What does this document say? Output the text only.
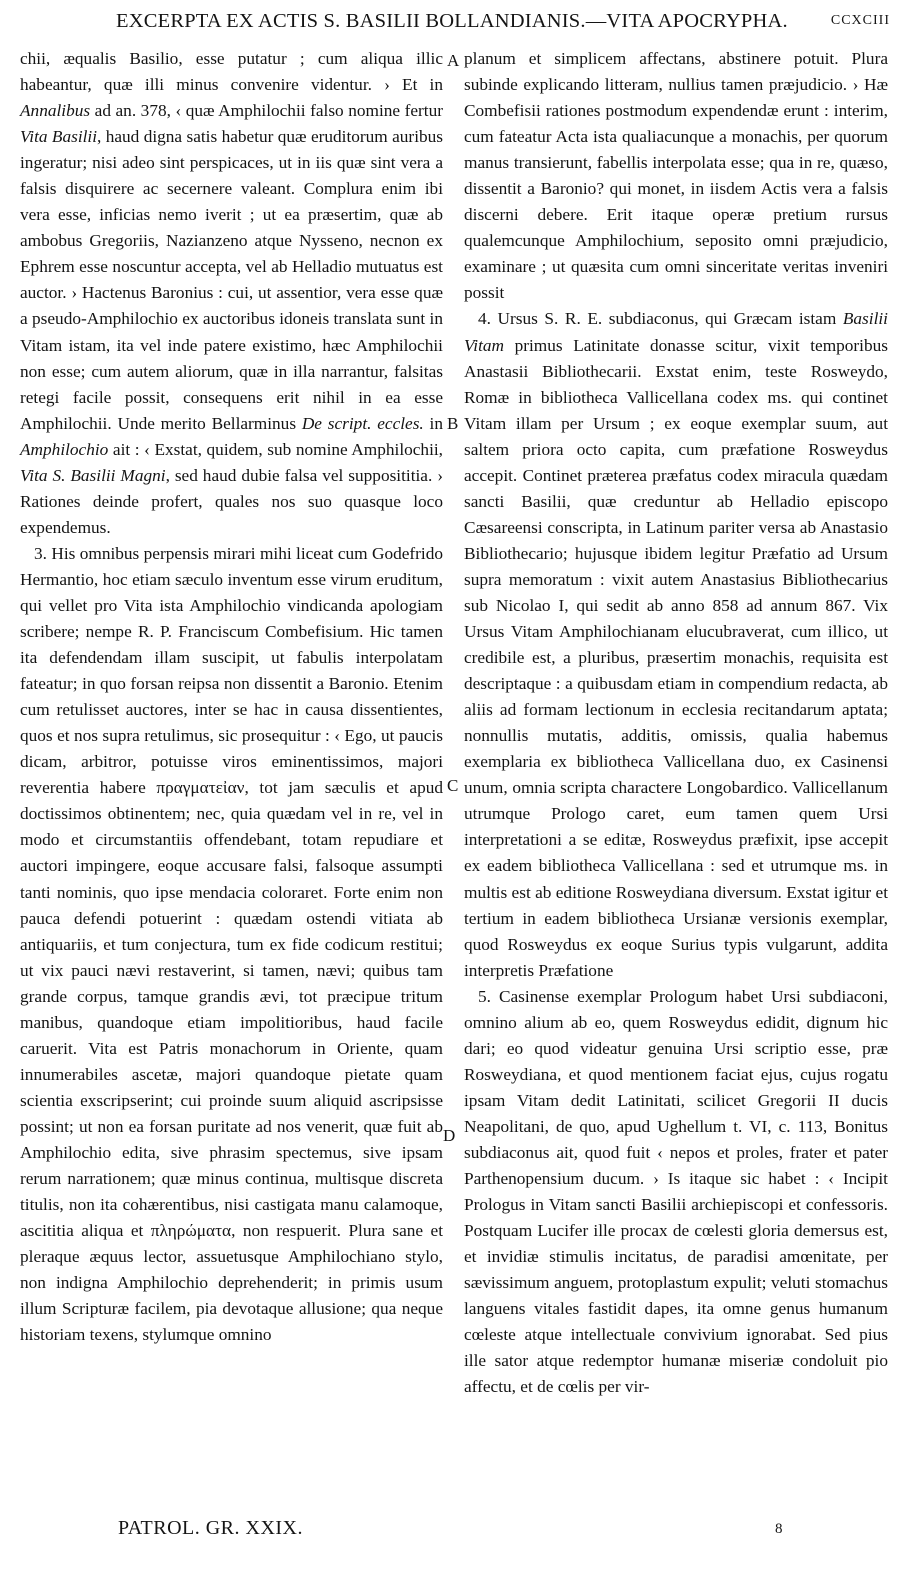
EXCERPTA EX ACTIS S. BASILII BOLLANDIANIS.—VITA APOCRYPHA.	CCXCIII

chii, æqualis Basilio, esse putatur ; cum aliqua illic habeantur, quæ illi minus convenire videntur. › Et in Annalibus ad an. 378, ‹ quæ Amphilochii falso nomine fertur Vita Basilii, haud digna satis habetur quæ eruditorum auribus ingeratur; nisi adeo sint perspicaces, ut in iis quæ sint vera a falsis disquirere ac secernere valeant. Complura enim ibi vera esse, inficias nemo iverit ; ut ea præsertim, quæ ab ambobus Gregoriis, Nazianzeno atque Nysseno, necnon ex Ephrem esse noscuntur accepta, vel ab Helladio mutuatus est auctor. › Hactenus Baronius : cui, ut assentior, vera esse quæ a pseudo-Amphilochio ex auctoribus idoneis translata sunt in Vitam istam, ita vel inde patere existimo, hæc Amphilochii non esse; cum autem aliorum, quæ in illa narrantur, falsitas retegi facile possit, consequens erit nihil in ea esse Amphilochii. Unde merito Bellarminus De script. eccles. in Amphilochio ait : ‹ Exstat, quidem, sub nomine Amphilochii, Vita S. Basilii Magni, sed haud dubie falsa vel supposititia. › Rationes deinde profert, quales nos suo quasque loco expendemus.

3. His omnibus perpensis mirari mihi liceat cum Godefrido Hermantio, hoc etiam sæculo inventum esse virum eruditum, qui vellet pro Vita ista Amphilochio vindicanda apologiam scribere; nempe R. P. Franciscum Combefisium. Hic tamen ita defendendam illam suscipit, ut fabulis interpolatam fateatur; in quo forsan reipsa non dissentit a Baronio. Etenim cum retulisset auctores, inter se hac in causa dissentientes, quos et nos supra retulimus, sic prosequitur : ‹ Ego, ut paucis dicam, arbitror, potuisse viros eminentissimos, majori reverentia habere πραγματεἰαν, tot jam sæculis et apud doctissimos obtinentem; nec, quia quædam vel in re, vel in modo et circumstantiis offendebant, totam repudiare et auctori impingere, eoque accusare falsi, falsoque assumpti tanti nominis, quo ipse mendacia coloraret. Forte enim non pauca defendi potuerint : quædam ostendi vitiata ab antiquariis, et tum conjectura, tum ex fide codicum restitui; ut vix pauci nævi restaverint, si tamen, nævi; quibus tam grande corpus, tamque grandis ævi, tot præcipue tritum manibus, quandoque etiam impolitioribus, haud facile caruerit. Vita est Patris monachorum in Oriente, quam innumerabiles ascetæ, majori quandoque pietate quam scientia exscripserint; cui proinde suum aliquid ascripsisse possint; ut non ea forsan puritate ad nos venerit, quæ fuit ab Amphilochio edita, sive phrasim spectemus, sive ipsam rerum narrationem; quæ minus continua, multisque discreta titulis, non ita cohærentibus, nisi castigata manu calamoque, ascititia aliqua et πληρώματα, non respuerit. Plura sane et pleraque æquus lector, assuetusque Amphilochiano stylo, non indigna Amphilochio deprehenderit; in primis usum illum Scripturæ facilem, pia devotaque allusione; qua neque historiam texens, stylumque omnino

planum et simplicem affectans, abstinere potuit. Plura subinde explicando litteram, nullius tamen præjudicio. › Hæ Combefisii rationes postmodum expendendæ erunt : interim, cum fateatur Acta ista qualiacunque a monachis, per quorum manus transierunt, fabellis interpolata esse; qua in re, quæso, dissentit a Baronio? qui monet, in iisdem Actis vera a falsis discerni debere. Erit itaque operæ pretium rursus qualemcunque Amphilochium, seposito omni præjudicio, examinare ; ut quæsita cum omni sinceritate veritas inveniri possit

4. Ursus S. R. E. subdiaconus, qui Græcam istam Basilii Vitam primus Latinitate donasse scitur, vixit temporibus Anastasii Bibliothecarii. Exstat enim, teste Rosweydo, Romæ in bibliotheca Vallicellana codex ms. qui continet Vitam illam per Ursum ; ex eoque exemplar suum, aut saltem priora octo capita, cum præfatione Rosweydus accepit. Continet præterea præfatus codex miracula quædam sancti Basilii, quæ creduntur ab Helladio episcopo Cæsareensi conscripta, in Latinum pariter versa ab Anastasio Bibliothecario; hujusque ibidem legitur Præfatio ad Ursum supra memoratum : vixit autem Anastasius Bibliothecarius sub Nicolao I, qui sedit ab anno 858 ad annum 867. Vix Ursus Vitam Amphilochianam elucubraverat, cum illico, ut credibile est, a pluribus, præsertim monachis, requisita est descriptaque : a quibusdam etiam in compendium redacta, ab aliis ad formam lectionum in ecclesia recitandarum aptata; nonnullis mutatis, additis, omissis, qualia habemus exemplaria ex bibliotheca Vallicellana duo, ex Casinensi unum, omnia scripta charactere Longobardico. Vallicellanum utrumque Prologo caret, eum tamen quem Ursi interpretationi a se editæ, Rosweydus præfixit, ipse accepit ex eadem bibliotheca Vallicellana : sed et utrumque ms. in multis est ab editione Rosweydiana diversum. Exstat igitur et tertium in eadem bibliotheca Ursianæ versionis exemplar, quod Rosweydus ex eoque Surius typis vulgarunt, addita interpretis Præfatione

5. Casinense exemplar Prologum habet Ursi subdiaconi, omnino alium ab eo, quem Rosweydus edidit, dignum hic dari; eo quod videatur genuina Ursi scriptio esse, præ Rosweydiana, et quod mentionem faciat ejus, cujus rogatu ipsam Vitam dedit Latinitati, scilicet Gregorii II ducis Neapolitani, de quo, apud Ughellum t. VI, c. 113, Bonitus subdiaconus ait, quod fuit ‹ nepos et proles, frater et pater Parthenopensium ducum. › Is itaque sic habet : ‹ Incipit Prologus in Vitam sancti Basilii archiepiscopi et confessoris. Postquam Lucifer ille procax de cœlesti gloria demersus est, et invidiæ stimulis incitatus, de paradisi amœnitate, per sævissimum anguem, protoplastum expulit; veluti stomachus languens vitales fastidit dapes, ita omne genus humanum cœleste atque intellectuale convivium ignorabat. Sed pius ille sator atque redemptor humanæ miseriæ condoluit pio affectu, et de cœlis per vir-

A
B
C
D
PATROL. GR. XXIX.	8
